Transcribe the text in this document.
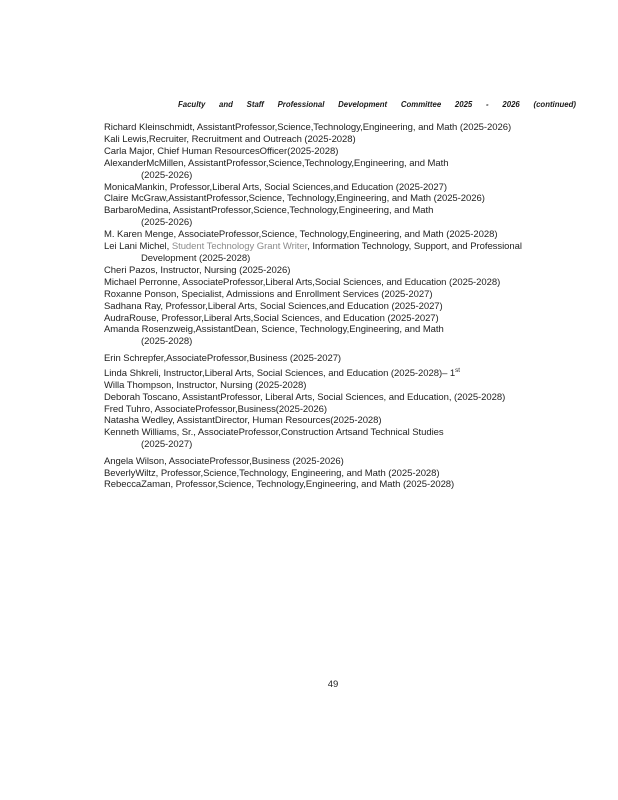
Faculty and Staff Professional Development Committee 2025 - 2026 (continued)
Richard Kleinschmidt, AssistantProfessor,Science,Technology,Engineering, and Math (2025-2026)
Kali Lewis,Recruiter, Recruitment and Outreach (2025-2028)
Carla Major, Chief Human ResourcesOfficer(2025-2028)
AlexanderMcMillen, AssistantProfessor,Science,Technology,Engineering, and Math
(2025-2026)
MonicaMankin, Professor,Liberal Arts, Social Sciences,and Education (2025-2027)
Claire McGraw,AssistantProfessor,Science, Technology,Engineering, and Math (2025-2026)
BarbaroMedina, AssistantProfessor,Science,Technology,Engineering, and Math
(2025-2026)
M. Karen Menge, AssociateProfessor,Science, Technology,Engineering, and Math (2025-2028)
Lei Lani Michel, Student Technology Grant Writer, Information Technology, Support, and Professional
Development (2025-2028)
Cheri Pazos, Instructor, Nursing (2025-2026)
Michael Perronne, AssociateProfessor,Liberal Arts,Social Sciences, and Education (2025-2028)
Roxanne Ponson, Specialist, Admissions and Enrollment Services (2025-2027)
Sadhana Ray, Professor,Liberal Arts, Social Sciences,and Education (2025-2027)
AudraRouse, Professor,Liberal Arts,Social Sciences, and Education (2025-2027)
Amanda Rosenzweig,AssistantDean, Science, Technology,Engineering, and Math
(2025-2028)
Erin Schrepfer,AssociateProfessor,Business (2025-2027)
Linda Shkreli, Instructor,Liberal Arts, Social Sciences, and Education (2025-2028)– 1st
Willa Thompson, Instructor, Nursing (2025-2028)
Deborah Toscano, AssistantProfessor, Liberal Arts, Social Sciences, and Education, (2025-2028)
Fred Tuhro, AssociateProfessor,Business(2025-2026)
Natasha Wedley, AssistantDirector, Human Resources(2025-2028)
Kenneth Williams, Sr., AssociateProfessor,Construction Artsand Technical Studies
(2025-2027)
Angela Wilson, AssociateProfessor,Business (2025-2026)
BeverlyWiltz, Professor,Science,Technology, Engineering, and Math (2025-2028)
RebeccaZaman, Professor,Science, Technology,Engineering, and Math (2025-2028)
49
